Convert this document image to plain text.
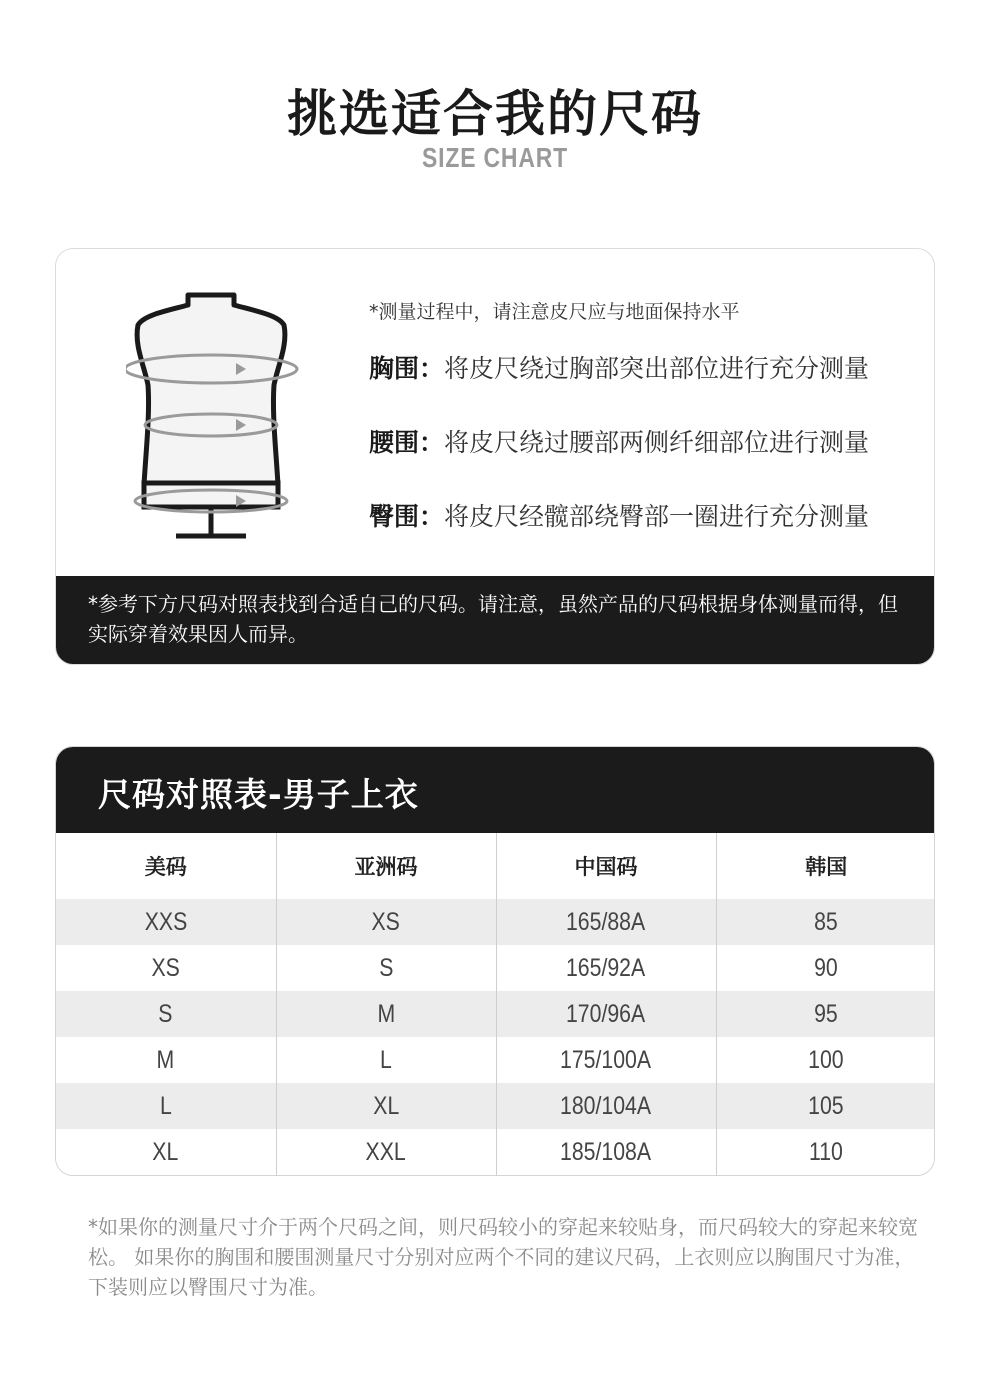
挑选适合我的尺码
SIZE CHART
*测量过程中，请注意皮尺应与地面保持水平
胸围：将皮尺绕过胸部突出部位进行充分测量
腰围：将皮尺绕过腰部两侧纤细部位进行测量
臀围：将皮尺经髋部绕臀部一圈进行充分测量
*参考下方尺码对照表找到合适自己的尺码。请注意，虽然产品的尺码根据身体测量而得，但实际穿着效果因人而异。
尺码对照表-男子上衣
美码	亚洲码	中国码	韩国
XXS	XS	165/88A	85
XS	S	165/92A	90
S	M	170/96A	95
M	L	175/100A	100
L	XL	180/104A	105
XL	XXL	185/108A	110
*如果你的测量尺寸介于两个尺码之间，则尺码较小的穿起来较贴身，而尺码较大的穿起来较宽松。 如果你的胸围和腰围测量尺寸分别对应两个不同的建议尺码，上衣则应以胸围尺寸为准，下装则应以臀围尺寸为准。
